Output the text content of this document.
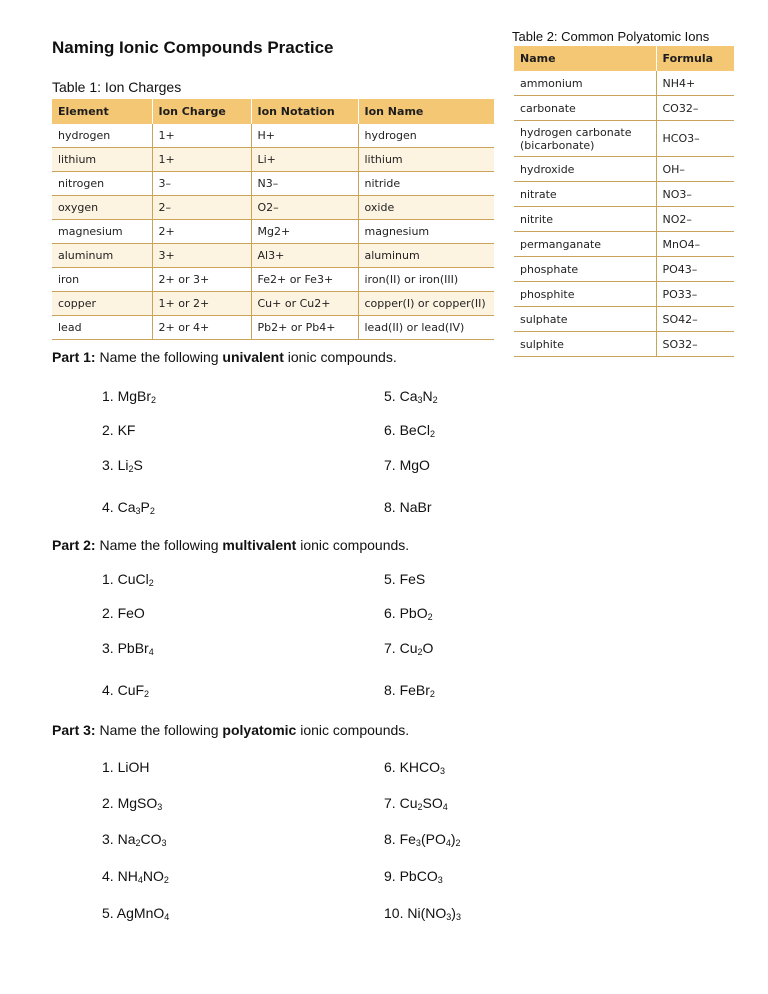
Naming Ionic Compounds Practice
Table 1: Ion Charges
Element	Ion Charge	Ion Notation	Ion Name
hydrogen	1+	H+	hydrogen
lithium	1+	Li+	lithium
nitrogen	3–	N3–	nitride
oxygen	2–	O2–	oxide
magnesium	2+	Mg2+	magnesium
aluminum	3+	Al3+	aluminum
iron	2+ or 3+	Fe2+ or Fe3+	iron(II) or iron(III)
copper	1+ or 2+	Cu+ or Cu2+	copper(I) or copper(II)
lead	2+ or 4+	Pb2+ or Pb4+	lead(II) or lead(IV)
Table 2: Common Polyatomic Ions
Name	Formula
ammonium	NH4+
carbonate	CO32–
hydrogen carbonate (bicarbonate)	HCO3–
hydroxide	OH–
nitrate	NO3–
nitrite	NO2–
permanganate	MnO4–
phosphate	PO43–
phosphite	PO33–
sulphate	SO42–
sulphite	SO32–
Part 1: Name the following univalent ionic compounds.
1. MgBr$_2$	5. $Ca_3N_2$
2. KF	6. BeCl$_2$
3. $Li_2S$	7. MgO
4. $Ca_3P_2$	8. NaBr
Part 2: Name the following multivalent ionic compounds.
1. CuCl$_2$	5. FeS
2. FeO	6. PbO$_2$
3. PbBr$_4$	7. $Cu_2O$
4. CuF$_2$	8. FeBr$_2$
Part 3: Name the following polyatomic ionic compounds.
1. LiOH	6. $KHCO_3$
2. MgSO$_3$	7. $Cu_2SO_4$
3. $Na_2CO_3$	8. $Fe_3(PO_4)_2$
4. $NH_4NO_2$	9. PbCO$_3$
5. AgMnO$_4$	10. $Ni(NO_3)_3$
